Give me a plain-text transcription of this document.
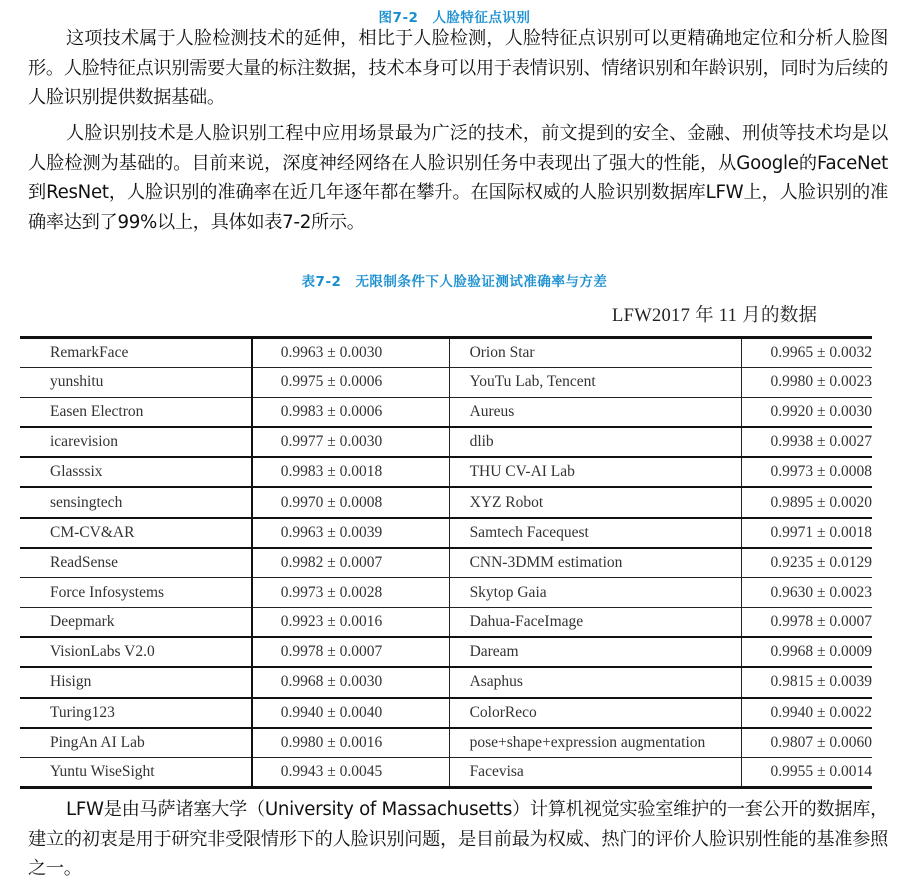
图7-2 人脸特征点识别

这项技术属于人脸检测技术的延伸，相比于人脸检测，人脸特征点识别可以更精确地定位和分析人脸图形。人脸特征点识别需要大量的标注数据，技术本身可以用于表情识别、情绪识别和年龄识别，同时为后续的人脸识别提供数据基础。

人脸识别技术是人脸识别工程中应用场景最为广泛的技术，前文提到的安全、金融、刑侦等技术均是以人脸检测为基础的。目前来说，深度神经网络在人脸识别任务中表现出了强大的性能，从Google的FaceNet到ResNet，人脸识别的准确率在近几年逐年都在攀升。在国际权威的人脸识别数据库LFW上，人脸识别的准确率达到了99%以上，具体如表7-2所示。

表7-2 无限制条件下人脸验证测试准确率与方差
LFW2017 年 11 月的数据
RemarkFace	0.9963 ± 0.0030	Orion Star	0.9965 ± 0.0032
yunshitu	0.9975 ± 0.0006	YouTu Lab, Tencent	0.9980 ± 0.0023
Easen Electron	0.9983 ± 0.0006	Aureus	0.9920 ± 0.0030
icarevision	0.9977 ± 0.0030	dlib	0.9938 ± 0.0027
Glasssix	0.9983 ± 0.0018	THU CV-AI Lab	0.9973 ± 0.0008
sensingtech	0.9970 ± 0.0008	XYZ Robot	0.9895 ± 0.0020
CM-CV&AR	0.9963 ± 0.0039	Samtech Facequest	0.9971 ± 0.0018
ReadSense	0.9982 ± 0.0007	CNN-3DMM estimation	0.9235 ± 0.0129
Force Infosystems	0.9973 ± 0.0028	Skytop Gaia	0.9630 ± 0.0023
Deepmark	0.9923 ± 0.0016	Dahua-FaceImage	0.9978 ± 0.0007
VisionLabs V2.0	0.9978 ± 0.0007	Daream	0.9968 ± 0.0009
Hisign	0.9968 ± 0.0030	Asaphus	0.9815 ± 0.0039
Turing123	0.9940 ± 0.0040	ColorReco	0.9940 ± 0.0022
PingAn AI Lab	0.9980 ± 0.0016	pose+shape+expression augmentation	0.9807 ± 0.0060
Yuntu WiseSight	0.9943 ± 0.0045	Facevisa	0.9955 ± 0.0014

LFW是由马萨诸塞大学（University of Massachusetts）计算机视觉实验室维护的一套公开的数据库，建立的初衷是用于研究非受限情形下的人脸识别问题，是目前最为权威、热门的评价人脸识别性能的基准参照之一。
